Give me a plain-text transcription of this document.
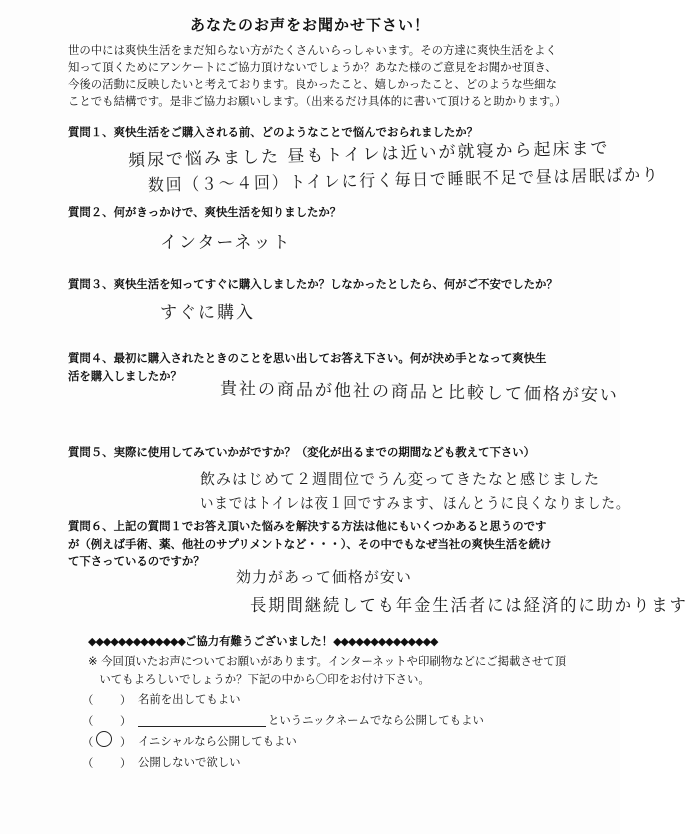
あなたのお声をお聞かせ下さい！
世の中には爽快生活をまだ知らない方がたくさんいらっしゃいます。その方達に爽快生活をよく
知って頂くためにアンケートにご協力頂けないでしょうか？あなた様のご意見をお聞かせ頂き、
今後の活動に反映したいと考えております。良かったこと、嬉しかったこと、どのような些細な
ことでも結構です。是非ご協力お願いします。（出来るだけ具体的に書いて頂けると助かります。）
質問１、爽快生活をご購入される前、どのようなことで悩んでおられましたか？
頻尿で悩みました 昼もトイレは近いが就寝から起床まで
数回（３〜４回）トイレに行く毎日で睡眠不足で昼は居眠ばかり
質問２、何がきっかけで、爽快生活を知りましたか？
インターネット
質問３、爽快生活を知ってすぐに購入しましたか？しなかったとしたら、何がご不安でしたか？
すぐに購入
質問４、最初に購入されたときのことを思い出してお答え下さい。何が決め手となって爽快生
活を購入しましたか？
貴社の商品が他社の商品と比較して価格が安い
質問５、実際に使用してみていかがですか？（変化が出るまでの期間なども教えて下さい）
飲みはじめて２週間位でうん変ってきたなと感じました
いまではトイレは夜１回ですみます、ほんとうに良くなりました。
質問６、上記の質問１でお答え頂いた悩みを解決する方法は他にもいくつかあると思うのです
が（例えば手術、薬、他社のサプリメントなど・・・）、その中でもなぜ当社の爽快生活を続け
て下さっているのですか？
効力があって価格が安い
長期間継続しても年金生活者には経済的に助かります
◆◆◆◆◆◆◆◆◆◆◆◆◆ご協力有難うございました！◆◆◆◆◆◆◆◆◆◆◆◆◆◆
※ 今回頂いたお声についてお願いがあります。インターネットや印刷物などにご掲載させて頂
　いてもよろしいでしょうか？下記の中から〇印をお付け下さい。
（ ）
名前を出してもよい
（ ）
	というニックネームでなら公開してもよい
（ ○ ）
イニシャルなら公開してもよい
（ ）
公開しないで欲しい
